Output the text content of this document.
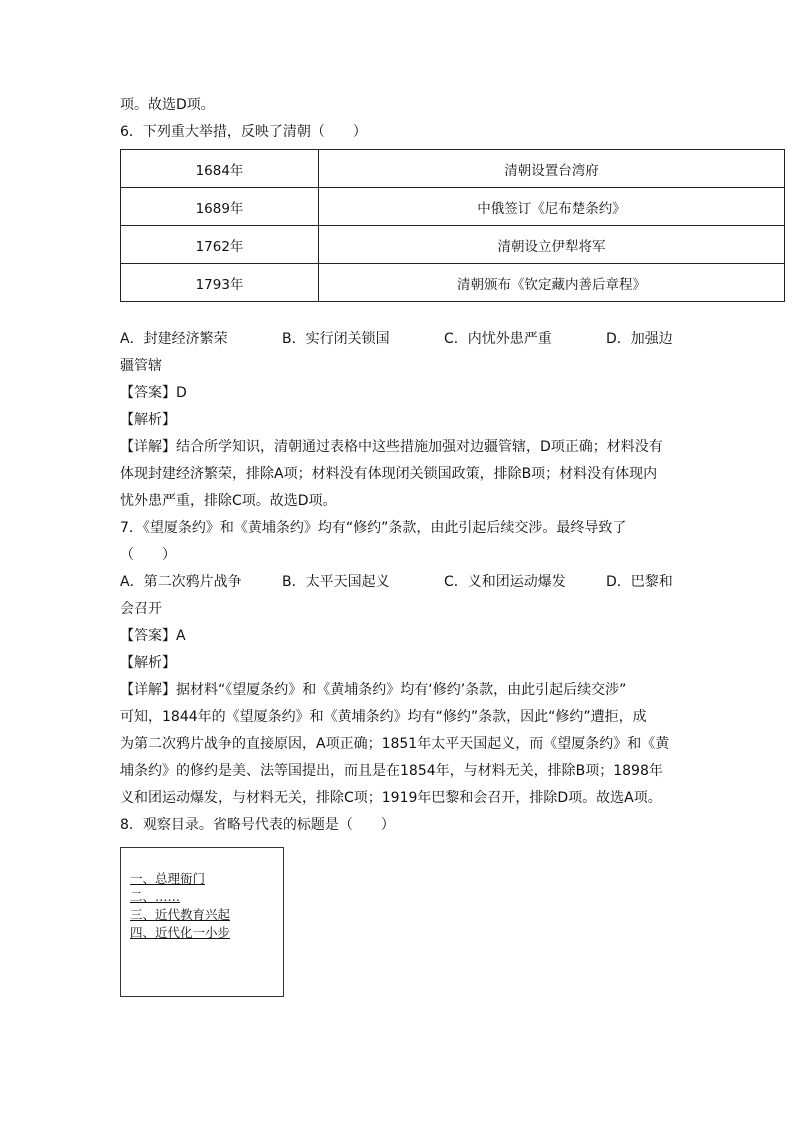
项。故选D项。
6．下列重大举措，反映了清朝（　　）
1684年	清朝设置台湾府
1689年	中俄签订《尼布楚条约》
1762年	清朝设立伊犁将军
1793年	清朝颁布《钦定藏内善后章程》
A．封建经济繁荣	B．实行闭关锁国	C．内忧外患严重	D．加强边
疆管辖
【答案】D
【解析】
【详解】结合所学知识，清朝通过表格中这些措施加强对边疆管辖，D项正确；材料没有
体现封建经济繁荣，排除A项；材料没有体现闭关锁国政策，排除B项；材料没有体现内
忧外患严重，排除C项。故选D项。
7．《望厦条约》和《黄埔条约》均有“修约”条款，由此引起后续交涉。最终导致了
（　　）
A．第二次鸦片战争	B．太平天国起义	C．义和团运动爆发	D．巴黎和
会召开
【答案】A
【解析】
【详解】据材料“《望厦条约》和《黄埔条约》均有‘修约’条款，由此引起后续交涉”
可知，1844年的《望厦条约》和《黄埔条约》均有“修约”条款，因此“修约”遭拒，成
为第二次鸦片战争的直接原因，A项正确；1851年太平天国起义，而《望厦条约》和《黄
埔条约》的修约是美、法等国提出，而且是在1854年，与材料无关，排除B项；1898年
义和团运动爆发，与材料无关，排除C项；1919年巴黎和会召开，排除D项。故选A项。
8．观察目录。省略号代表的标题是（　　）
一、总理衙门
二、……
三、近代教育兴起
四、近代化一小步
